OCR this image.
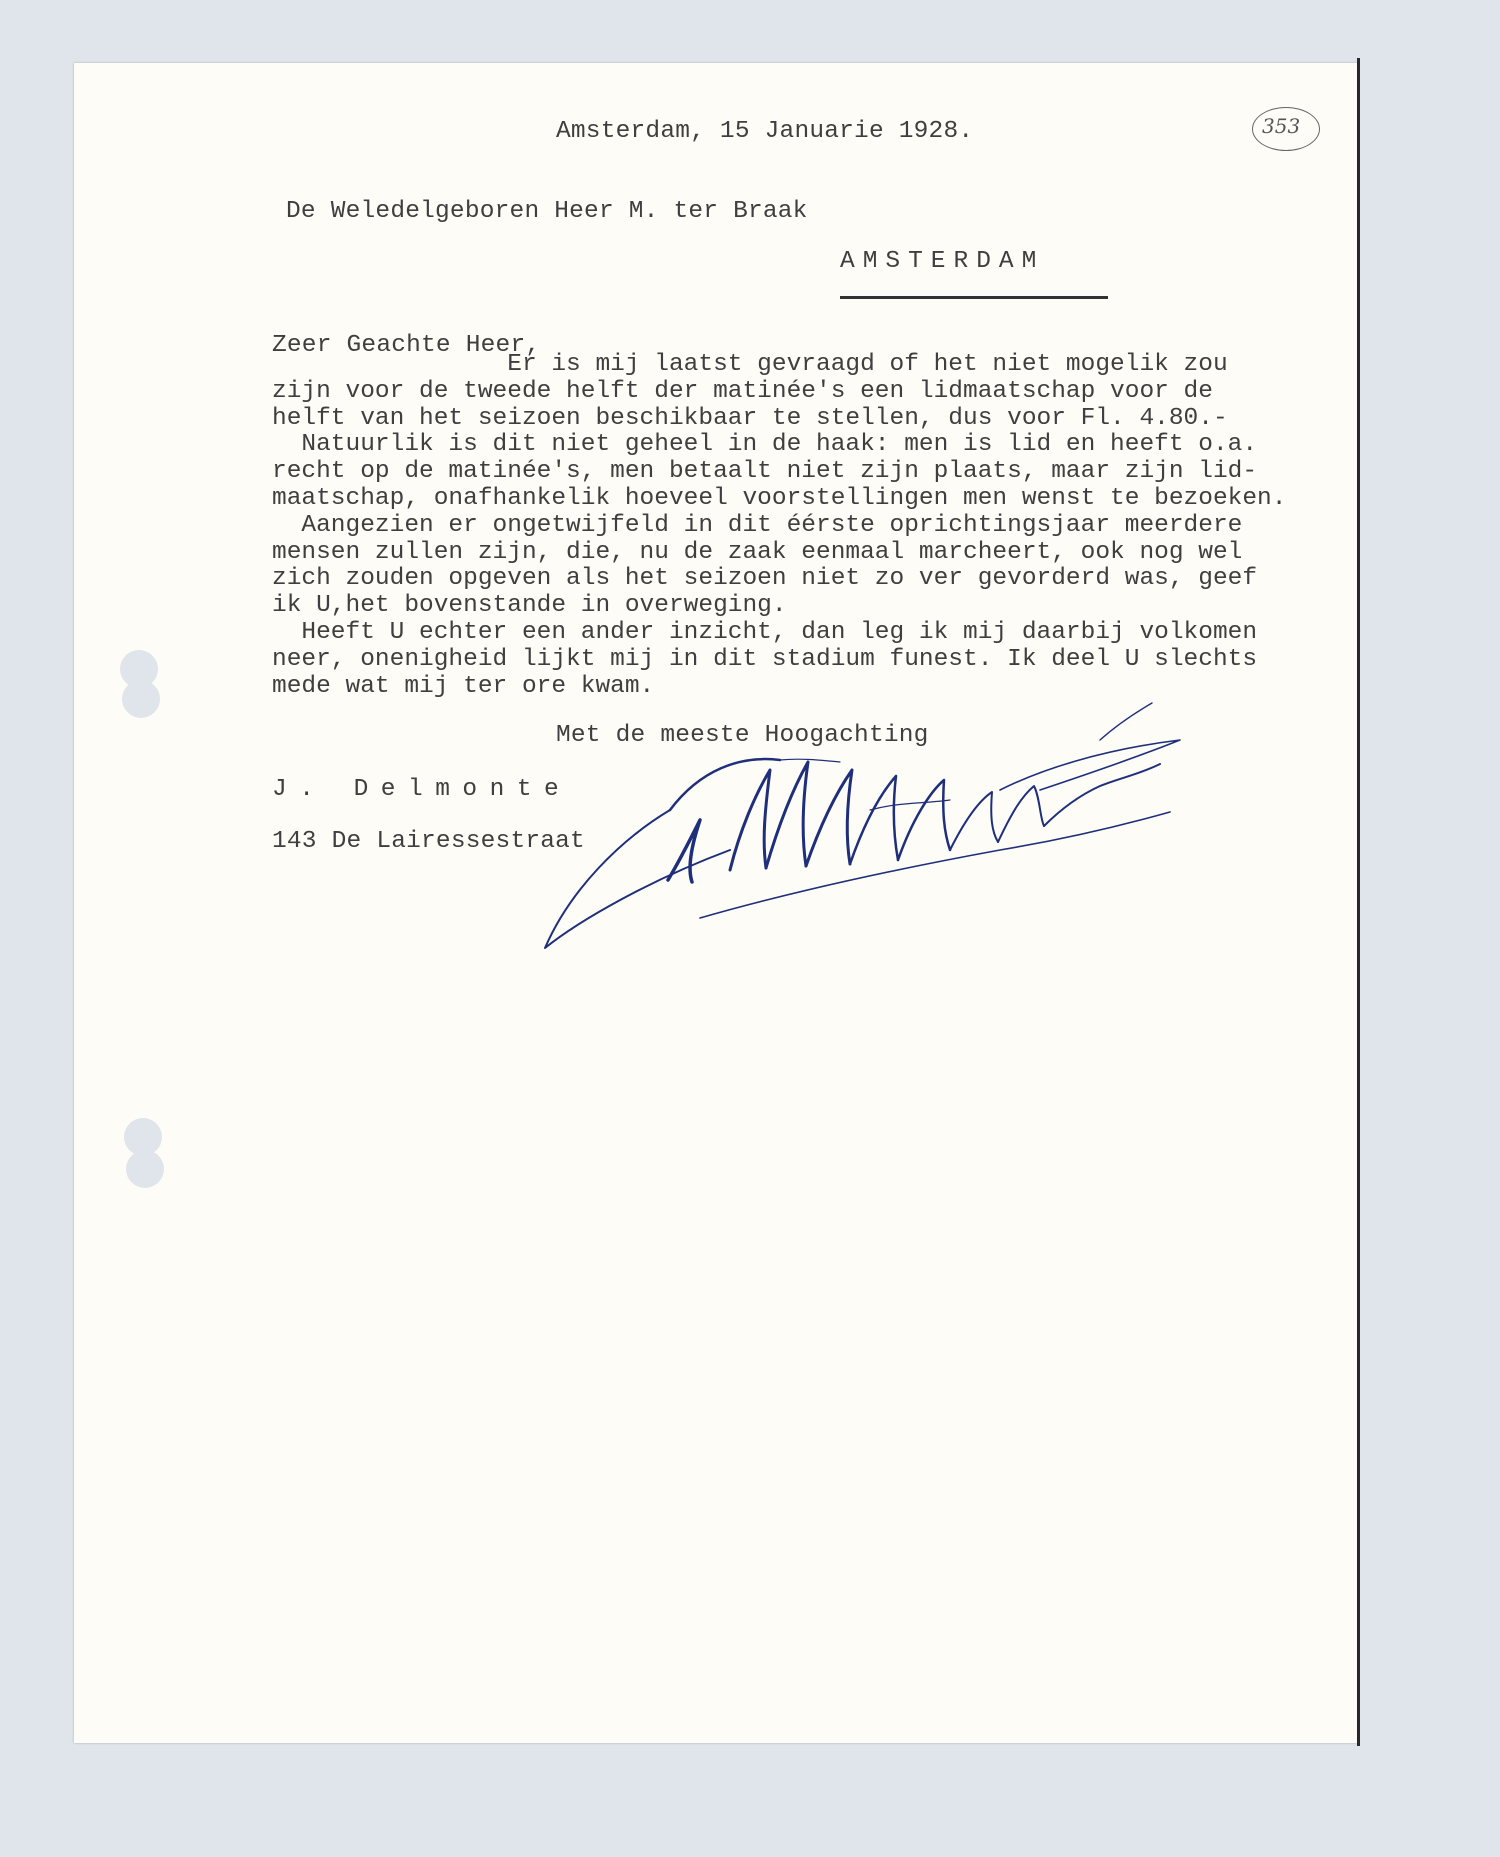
353
Amsterdam, 15 Januarie 1928.
De Weledelgeboren Heer M. ter Braak
AMSTERDAM
Zeer Geachte Heer,
Er is mij laatst gevraagd of het niet mogelik zou
zijn voor de tweede helft der matinée's een lidmaatschap voor de
helft van het seizoen beschikbaar te stellen, dus voor Fl. 4.80.-
Natuurlik is dit niet geheel in de haak: men is lid en heeft o.a.
recht op de matinée's, men betaalt niet zijn plaats, maar zijn lid-
maatschap, onafhankelik hoeveel voorstellingen men wenst te bezoeken.
Aangezien er ongetwijfeld in dit éérste oprichtingsjaar meerdere
mensen zullen zijn, die, nu de zaak eenmaal marcheert, ook nog wel
zich zouden opgeven als het seizoen niet zo ver gevorderd was, geef
ik U,het bovenstande in overweging.
Heeft U echter een ander inzicht, dan leg ik mij daarbij volkomen
neer, onenigheid lijkt mij in dit stadium funest. Ik deel U slechts
mede wat mij ter ore kwam.
Met de meeste Hoogachting
J. Delmonte
143 De Lairessestraat
